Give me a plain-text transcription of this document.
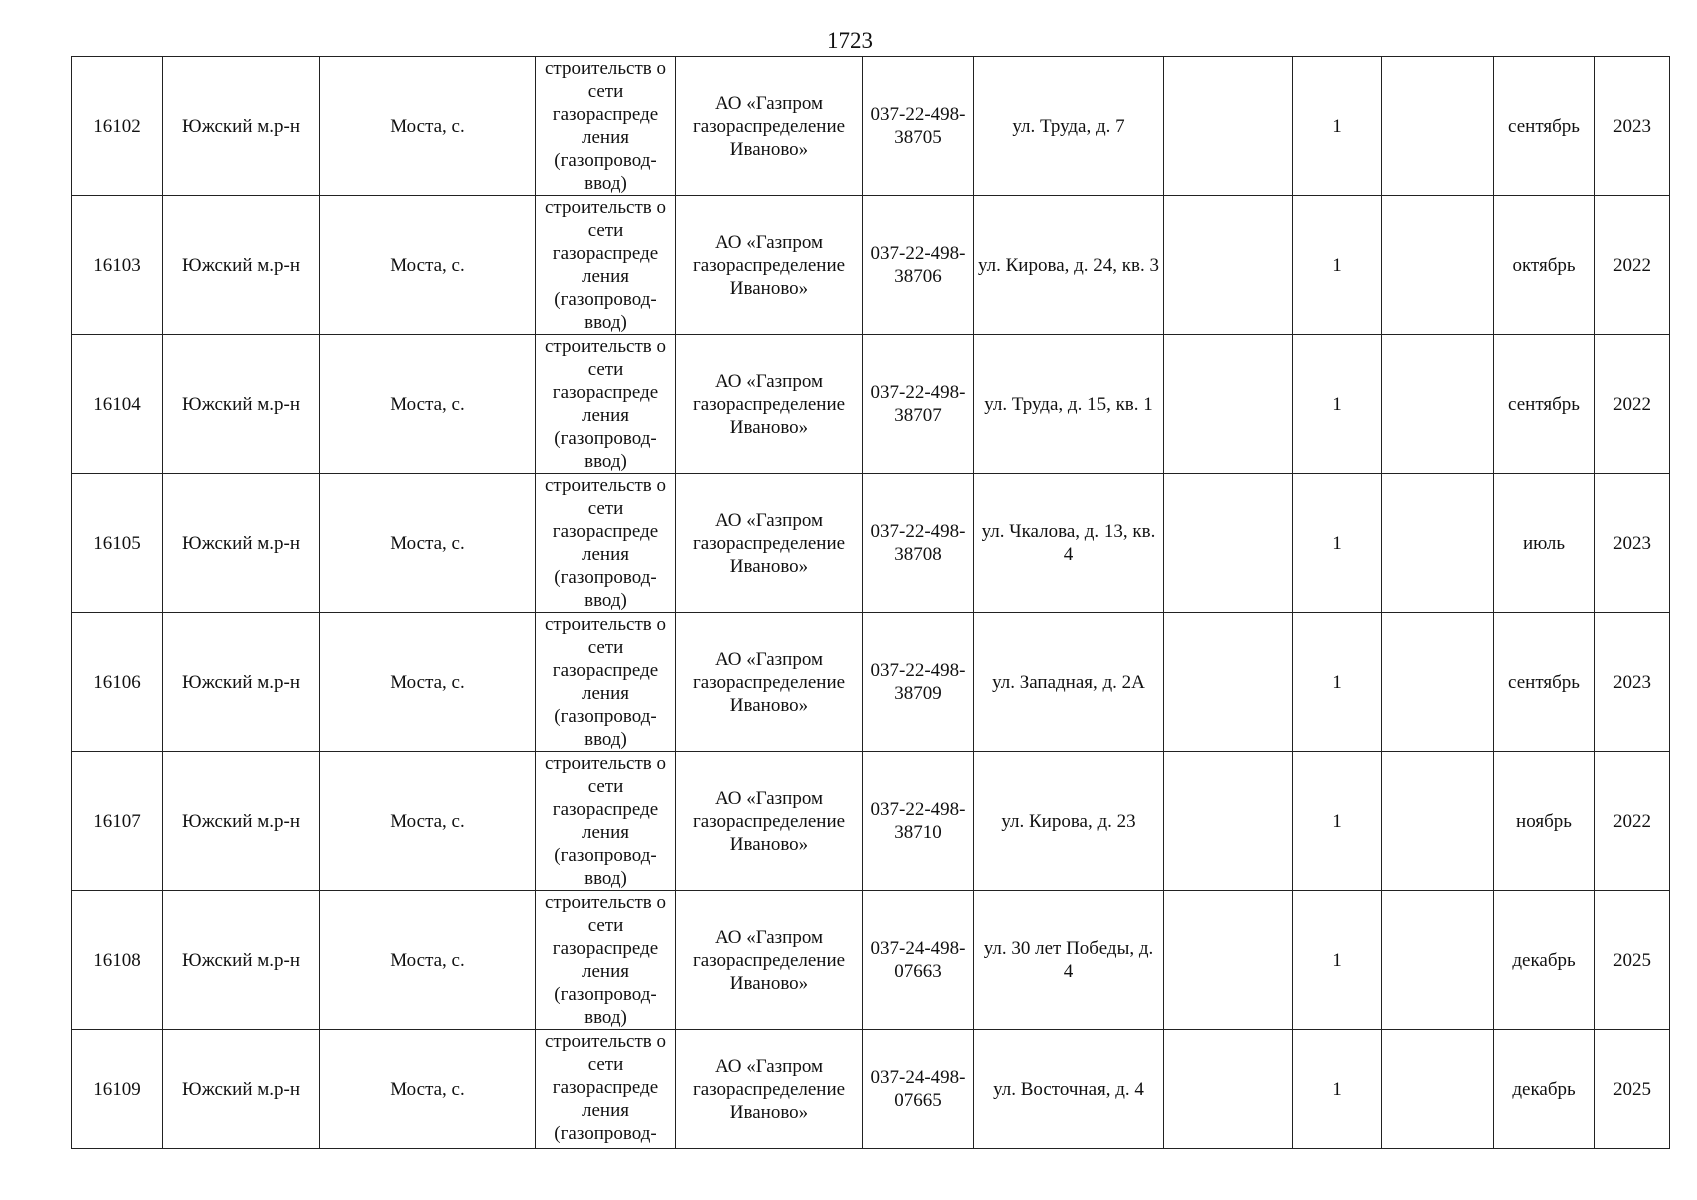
1723
16102	Южский м.р-н	Моста, с.	строительств о сети газораспреде ления (газопровод-ввод)	АО «Газпром газораспределение Иваново»	037-22-498-38705	ул. Труда, д. 7		1		сентябрь	2023
16103	Южский м.р-н	Моста, с.	строительств о сети газораспреде ления (газопровод-ввод)	АО «Газпром газораспределение Иваново»	037-22-498-38706	ул. Кирова, д. 24, кв. 3		1		октябрь	2022
16104	Южский м.р-н	Моста, с.	строительств о сети газораспреде ления (газопровод-ввод)	АО «Газпром газораспределение Иваново»	037-22-498-38707	ул. Труда, д. 15, кв. 1		1		сентябрь	2022
16105	Южский м.р-н	Моста, с.	строительств о сети газораспреде ления (газопровод-ввод)	АО «Газпром газораспределение Иваново»	037-22-498-38708	ул. Чкалова, д. 13, кв. 4		1		июль	2023
16106	Южский м.р-н	Моста, с.	строительств о сети газораспреде ления (газопровод-ввод)	АО «Газпром газораспределение Иваново»	037-22-498-38709	ул. Западная, д. 2А		1		сентябрь	2023
16107	Южский м.р-н	Моста, с.	строительств о сети газораспреде ления (газопровод-ввод)	АО «Газпром газораспределение Иваново»	037-22-498-38710	ул. Кирова, д. 23		1		ноябрь	2022
16108	Южский м.р-н	Моста, с.	строительств о сети газораспреде ления (газопровод-ввод)	АО «Газпром газораспределение Иваново»	037-24-498-07663	ул. 30 лет Победы, д. 4		1		декабрь	2025
16109	Южский м.р-н	Моста, с.	строительств о сети газораспреде ления (газопровод-	АО «Газпром газораспределение Иваново»	037-24-498-07665	ул. Восточная, д. 4		1		декабрь	2025
